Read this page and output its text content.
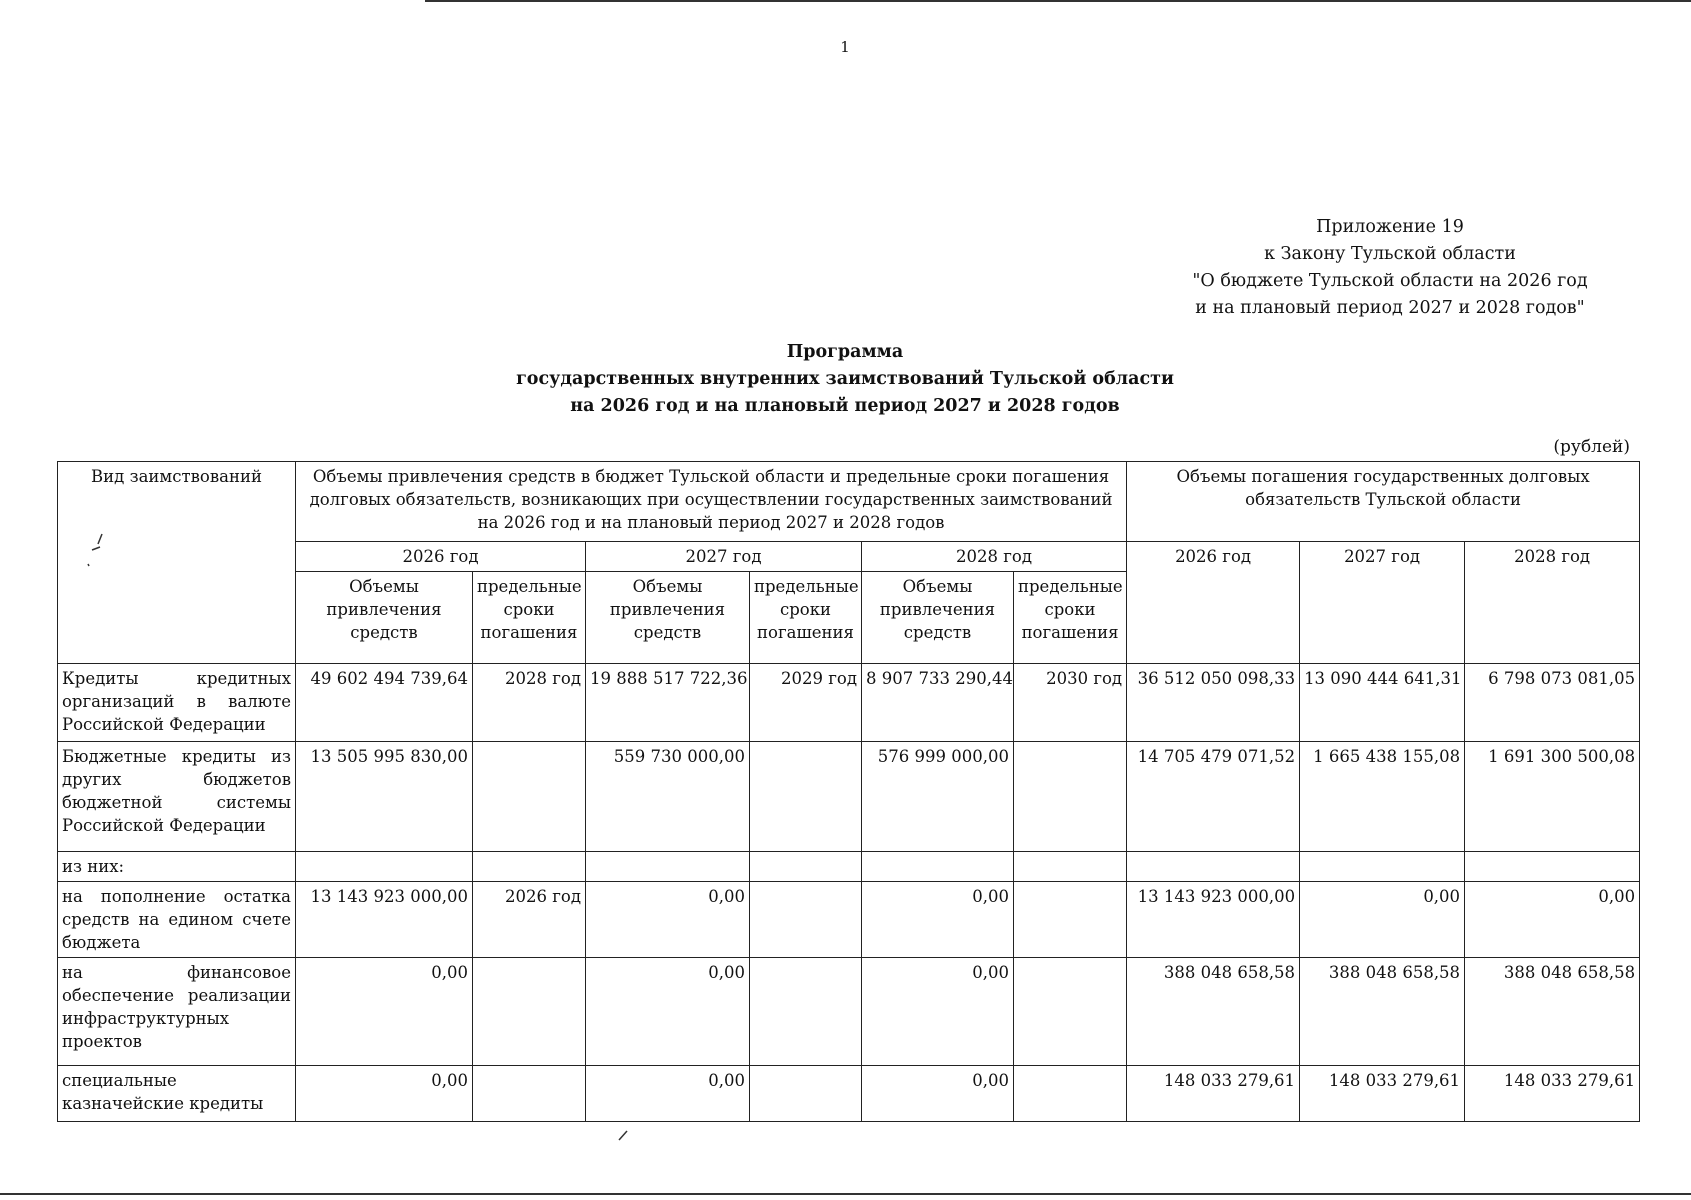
1
Приложение 19
к Закону Тульской области
"О бюджете Тульской области на 2026 год
и на плановый период 2027 и 2028 годов"
Программа
государственных внутренних заимствований Тульской области
на 2026 год и на плановый период 2027 и 2028 годов
(рублей)
Вид заимствований	Объемы привлечения средств в бюджет Тульской области и предельные сроки погашения долговых обязательств, возникающих при осуществлении государственных заимствований на 2026 год и на плановый период 2027 и 2028 годов						Объемы погашения государственных долговых обязательств Тульской области		
	2026 год		2027 год		2028 год		2026 год	2027 год	2028 год
	Объемы привлечения средств	предельные сроки погашения	Объемы привлечения средств	предельные сроки погашения	Объемы привлечения средств	предельные сроки погашения			
Кредиты кредитных организаций в валюте Российской Федерации	49 602 494 739,64	2028 год	19 888 517 722,36	2029 год	8 907 733 290,44	2030 год	36 512 050 098,33	13 090 444 641,31	6 798 073 081,05
Бюджетные кредиты из других бюджетов бюджетной системы Российской Федерации	13 505 995 830,00		559 730 000,00		576 999 000,00		14 705 479 071,52	1 665 438 155,08	1 691 300 500,08
из них:									
на пополнение остатка средств на едином счете бюджета	13 143 923 000,00	2026 год	0,00		0,00		13 143 923 000,00	0,00	0,00
на финансовое обеспечение реализации инфраструктурных проектов	0,00		0,00		0,00		388 048 658,58	388 048 658,58	388 048 658,58
специальные казначейские кредиты	0,00		0,00		0,00		148 033 279,61	148 033 279,61	148 033 279,61
